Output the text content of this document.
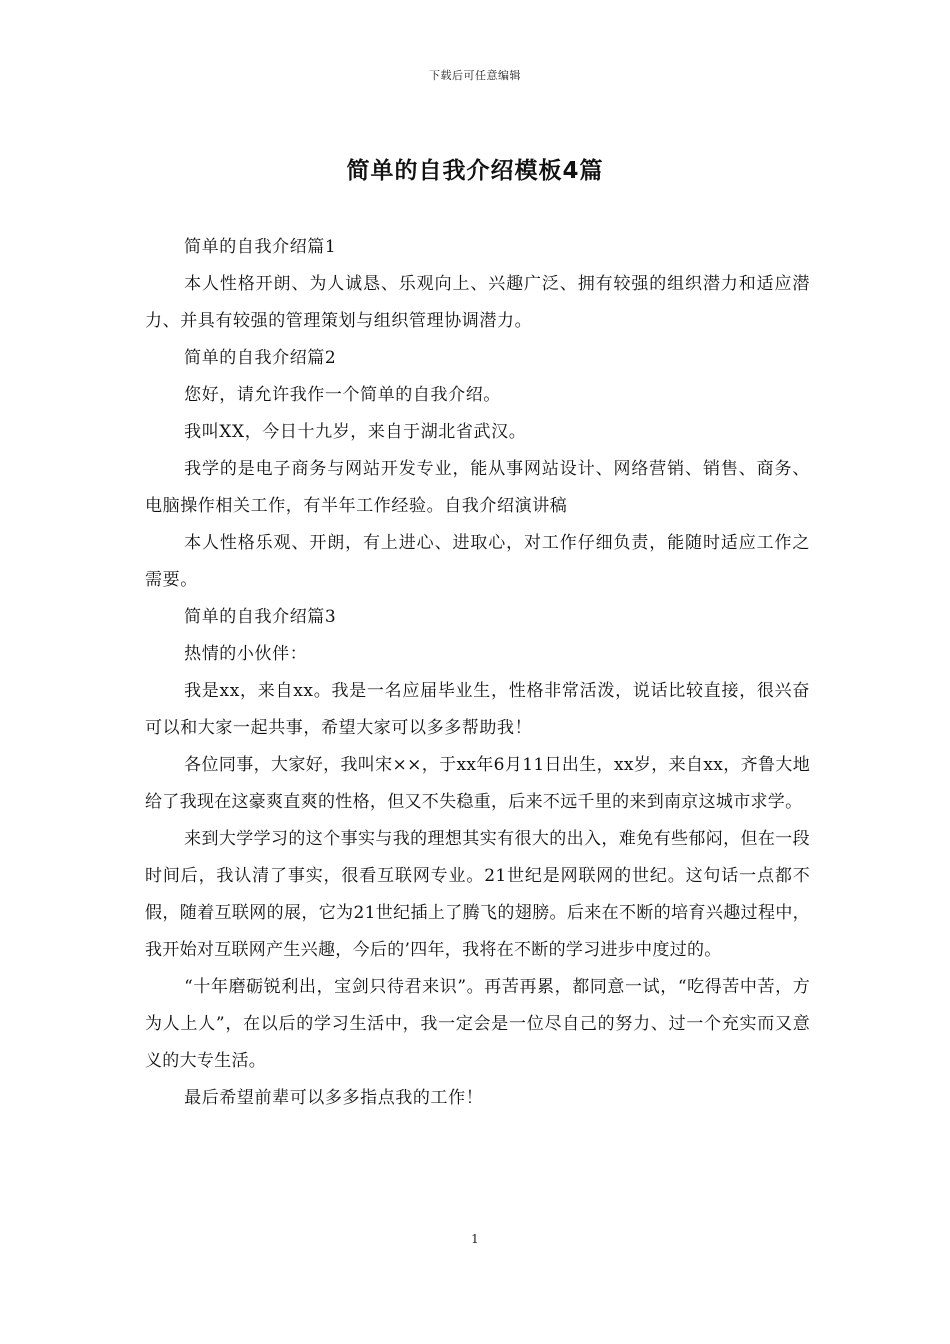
下载后可任意编辑
简单的自我介绍模板4篇

简单的自我介绍篇1

本人性格开朗、为人诚恳、乐观向上、兴趣广泛、拥有较强的组织潜力和适应潜力、并具有较强的管理策划与组织管理协调潜力。

简单的自我介绍篇2

您好，请允许我作一个简单的自我介绍。

我叫XX，今日十九岁，来自于湖北省武汉。

我学的是电子商务与网站开发专业，能从事网站设计、网络营销、销售、商务、电脑操作相关工作，有半年工作经验。自我介绍演讲稿

本人性格乐观、开朗，有上进心、进取心，对工作仔细负责，能随时适应工作之需要。

简单的自我介绍篇3

热情的小伙伴：

我是xx，来自xx。我是一名应届毕业生，性格非常活泼，说话比较直接，很兴奋可以和大家一起共事，希望大家可以多多帮助我！

各位同事，大家好，我叫宋××，于xx年6月11日出生，xx岁，来自xx，齐鲁大地给了我现在这豪爽直爽的性格，但又不失稳重，后来不远千里的来到南京这城市求学。

来到大学学习的这个事实与我的理想其实有很大的出入，难免有些郁闷，但在一段时间后，我认清了事实，很看互联网专业。21世纪是网联网的世纪。这句话一点都不假，随着互联网的展，它为21世纪插上了腾飞的翅膀。后来在不断的培育兴趣过程中，我开始对互联网产生兴趣，今后的’四年，我将在不断的学习进步中度过的。

“十年磨砺锐利出，宝剑只待君来识”。再苦再累，都同意一试，“吃得苦中苦，方为人上人”，在以后的学习生活中，我一定会是一位尽自己的努力、过一个充实而又意义的大专生活。

最后希望前辈可以多多指点我的工作！

1
